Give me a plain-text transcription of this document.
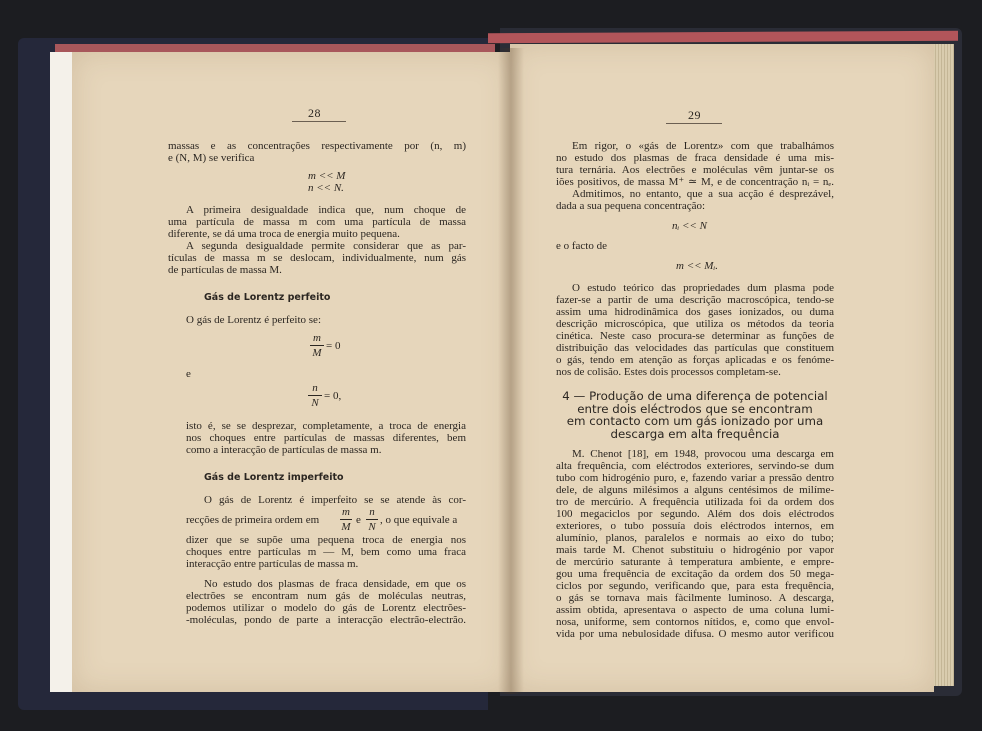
28
massas e as concentrações respectivamente por (n, m)
e (N, M) se verifica
m << M
n << N.
A primeira desigualdade indica que, num choque de
uma partícula de massa m com uma partícula de massa
diferente, se dá uma troca de energia muito pequena.
A segunda desigualdade permite considerar que as par-
tículas de massa m se deslocam, individualmente, num gás
de partículas de massa M.
Gás de Lorentz perfeito
O gás de Lorentz é perfeito se:
m
M
= 0
e
n
N
= 0,
isto é, se se desprezar, completamente, a troca de energia
nos choques entre partículas de massas diferentes, bem
como a interacção de partículas de massa m.
Gás de Lorentz imperfeito
O gás de Lorentz é imperfeito se se atende às cor-
recções de primeira ordem em
m
M
e
n
N
, o que equivale a
dizer que se supõe uma pequena troca de energia nos
choques entre partículas m — M, bem como uma fraca
interacção entre partículas de massa m.
No estudo dos plasmas de fraca densidade, em que os
electrões se encontram num gás de moléculas neutras,
podemos utilizar o modelo do gás de Lorentz electrões-
-moléculas, pondo de parte a interacção electrão-electrão.
29
Em rigor, o «gás de Lorentz» com que trabalhámos
no estudo dos plasmas de fraca densidade é uma mis-
tura ternária. Aos electrões e moléculas vêm juntar-se os
iões positivos, de massa M⁺ ≃ M, e de concentração nᵢ = nₑ.
Admitimos, no entanto, que a sua acção é desprezável,
dada a sua pequena concentração:
nᵢ << N
e o facto de
m << Mᵢ.
O estudo teórico das propriedades dum plasma pode
fazer-se a partir de uma descrição macroscópica, tendo-se
assim uma hidrodinâmica dos gases ionizados, ou duma
descrição microscópica, que utiliza os métodos da teoria
cinética. Neste caso procura-se determinar as funções de
distribuição das velocidades das partículas que constituem
o gás, tendo em atenção as forças aplicadas e os fenóme-
nos de colisão. Estes dois processos completam-se.
4 — Produção de uma diferença de potencial
entre dois eléctrodos que se encontram
em contacto com um gás ionizado por uma
descarga em alta frequência
M. Chenot [18], em 1948, provocou uma descarga em
alta frequência, com eléctrodos exteriores, servindo-se dum
tubo com hidrogénio puro, e, fazendo variar a pressão dentro
dele, de alguns milésimos a alguns centésimos de milíme-
tro de mercúrio. A frequência utilizada foi da ordem dos
100 megaciclos por segundo. Além dos dois eléctrodos
exteriores, o tubo possuía dois eléctrodos internos, em
alumínio, planos, paralelos e normais ao eixo do tubo;
mais tarde M. Chenot substituiu o hidrogénio por vapor
de mercúrio saturante à temperatura ambiente, e empre-
gou uma frequência de excitação da ordem dos 50 mega-
ciclos por segundo, verificando que, para esta frequência,
o gás se tornava mais fàcilmente luminoso. A descarga,
assim obtida, apresentava o aspecto de uma coluna lumi-
nosa, uniforme, sem contornos nítidos, e, como que envol-
vida por uma nebulosidade difusa. O mesmo autor verificou
